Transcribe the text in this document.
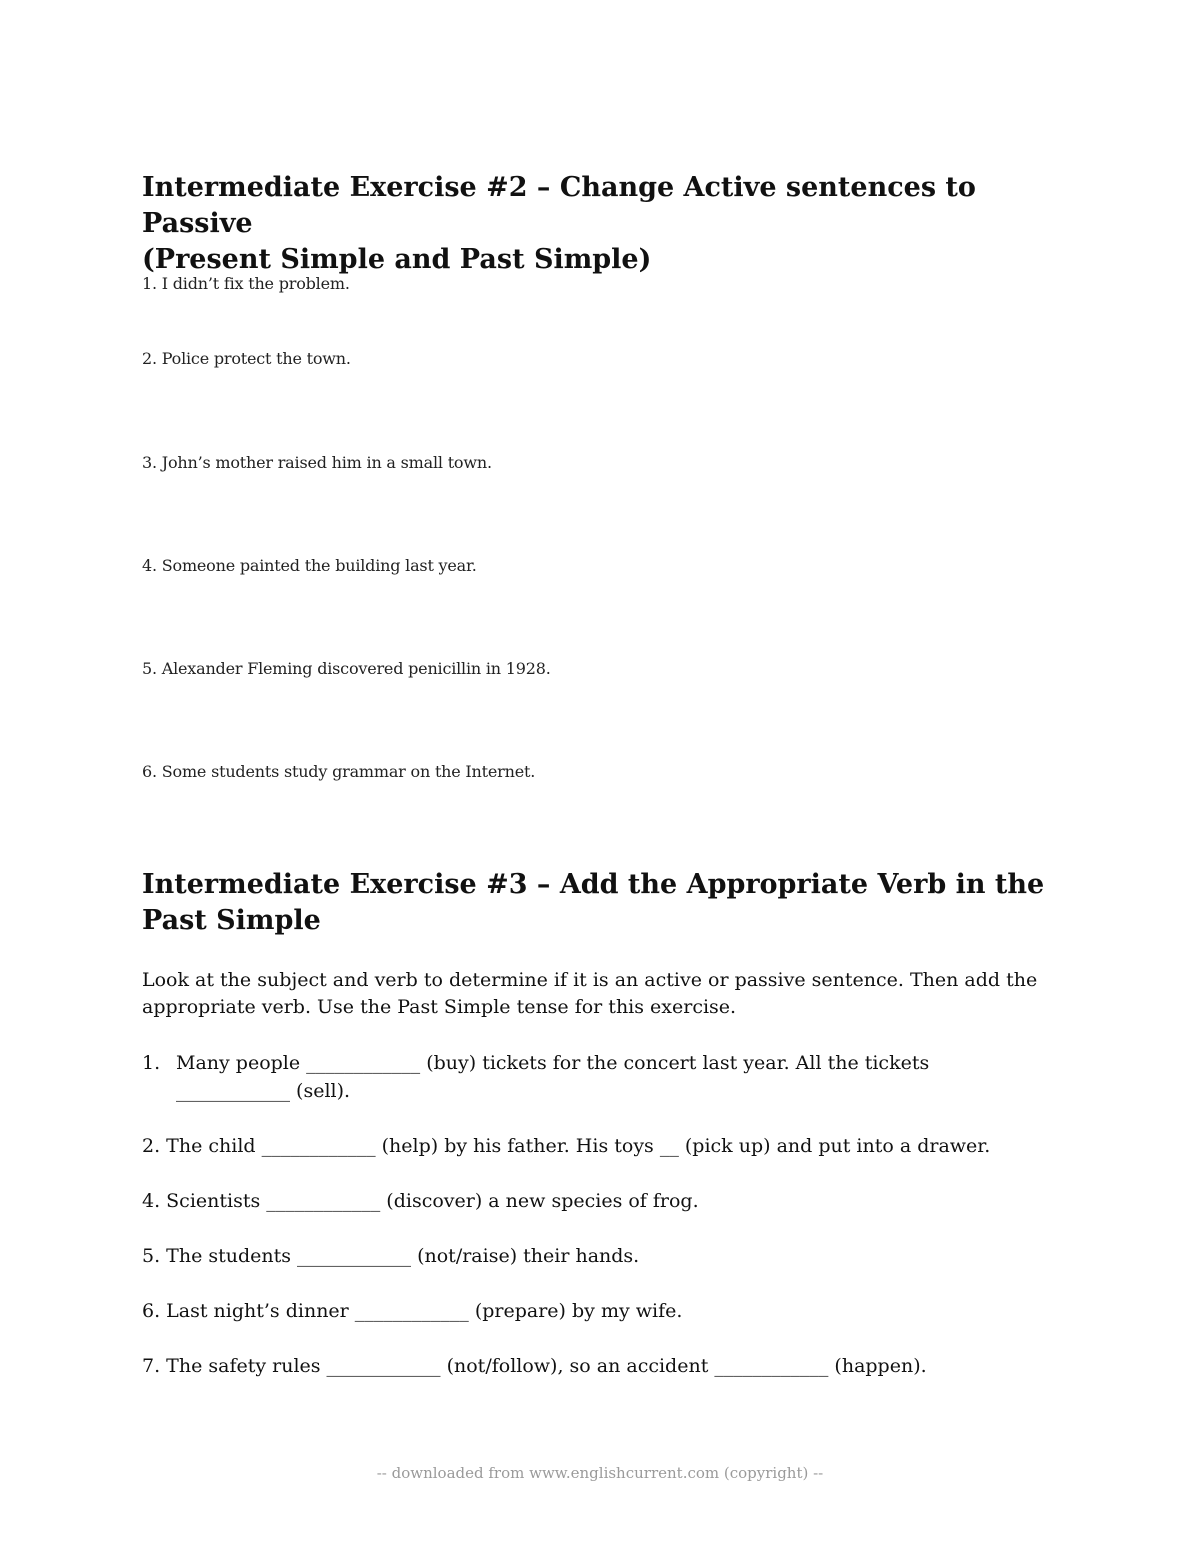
Intermediate Exercise #2 – Change Active sentences to Passive
(Present Simple and Past Simple)
1. I didn’t fix the problem.
2. Police protect the town.
3. John’s mother raised him in a small town.
4. Someone painted the building last year.
5. Alexander Fleming discovered penicillin in 1928.
6. Some students study grammar on the Internet.
Intermediate Exercise #3 – Add the Appropriate Verb in the
Past Simple
Look at the subject and verb to determine if it is an active or passive sentence. Then add the
appropriate verb. Use the Past Simple tense for this exercise.
1. Many people ____________ (buy) tickets for the concert last year. All the tickets
____________ (sell).
2. The child ____________ (help) by his father. His toys __ (pick up) and put into a drawer.
4. Scientists ____________ (discover) a new species of frog.
5. The students ____________ (not/raise) their hands.
6. Last night’s dinner ____________ (prepare) by my wife.
7. The safety rules ____________ (not/follow), so an accident ____________ (happen).
-- downloaded from www.englishcurrent.com (copyright) --
